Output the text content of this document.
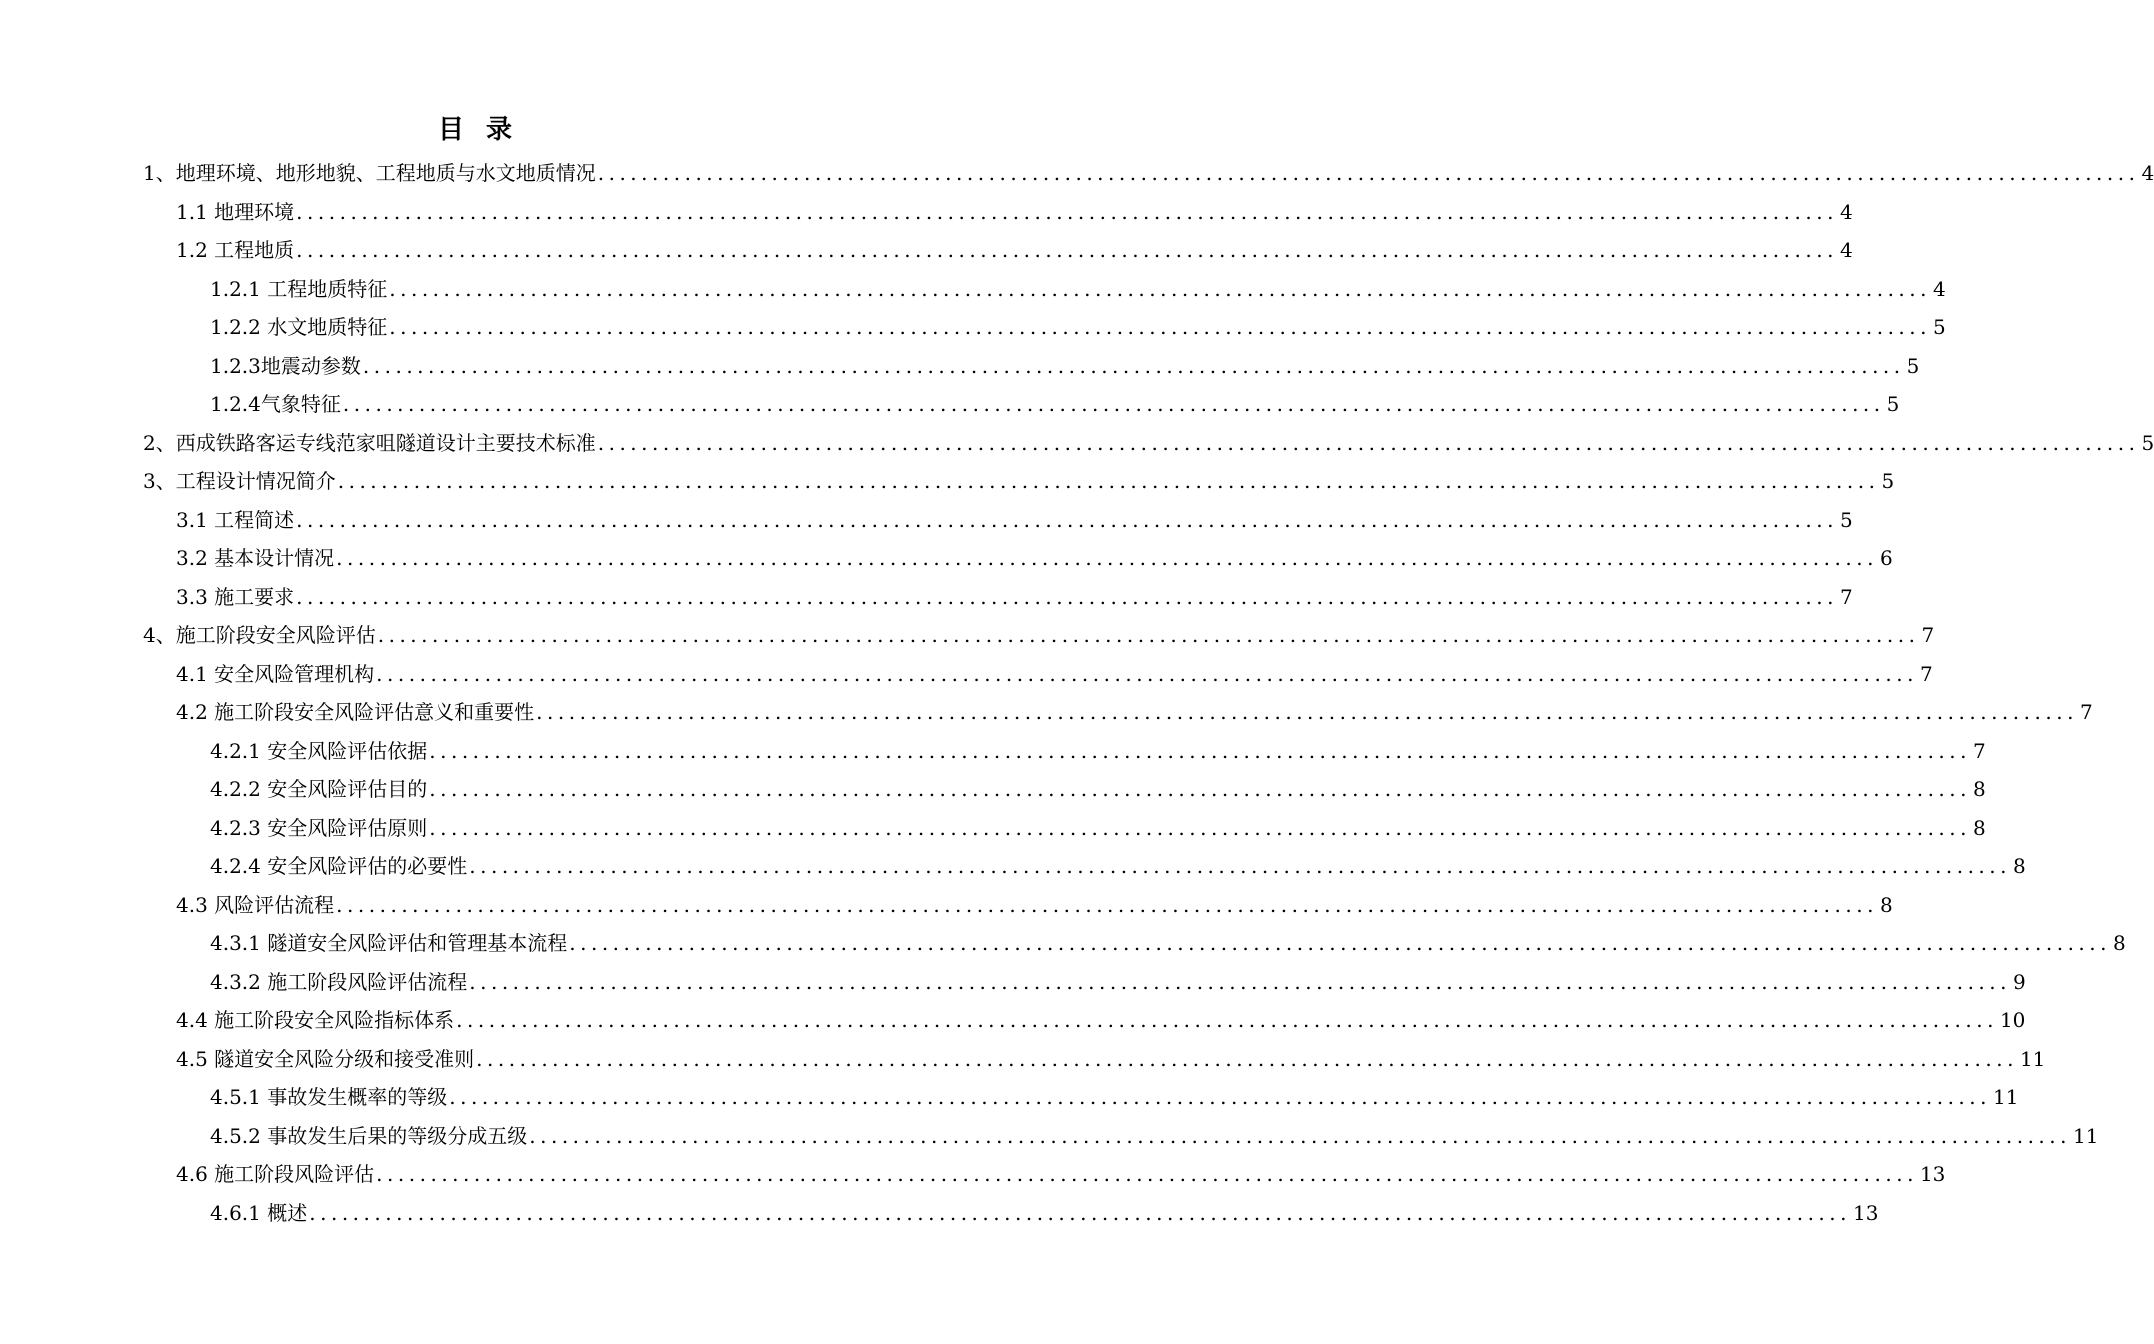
目录
1、地理环境、地形地貌、工程地质与水文地质情况 .............................................................................................................................................. 4
1.1 地理环境 .............................................................................................................................................. 4
1.2 工程地质 .............................................................................................................................................. 4
1.2.1 工程地质特征 .............................................................................................................................................. 4
1.2.2 水文地质特征 .............................................................................................................................................. 5
1.2.3地震动参数 .............................................................................................................................................. 5
1.2.4气象特征 .............................................................................................................................................. 5
2、西成铁路客运专线范家咀隧道设计主要技术标准 .............................................................................................................................................. 5
3、工程设计情况简介 .............................................................................................................................................. 5
3.1 工程简述 .............................................................................................................................................. 5
3.2 基本设计情况 .............................................................................................................................................. 6
3.3 施工要求 .............................................................................................................................................. 7
4、施工阶段安全风险评估 .............................................................................................................................................. 7
4.1 安全风险管理机构 .............................................................................................................................................. 7
4.2 施工阶段安全风险评估意义和重要性 .............................................................................................................................................. 7
4.2.1 安全风险评估依据 .............................................................................................................................................. 7
4.2.2 安全风险评估目的 .............................................................................................................................................. 8
4.2.3 安全风险评估原则 .............................................................................................................................................. 8
4.2.4 安全风险评估的必要性 .............................................................................................................................................. 8
4.3 风险评估流程 .............................................................................................................................................. 8
4.3.1 隧道安全风险评估和管理基本流程 .............................................................................................................................................. 8
4.3.2 施工阶段风险评估流程 .............................................................................................................................................. 9
4.4 施工阶段安全风险指标体系 .............................................................................................................................................. 10
4.5 隧道安全风险分级和接受准则 .............................................................................................................................................. 11
4.5.1 事故发生概率的等级 .............................................................................................................................................. 11
4.5.2 事故发生后果的等级分成五级 .............................................................................................................................................. 11
4.6 施工阶段风险评估 .............................................................................................................................................. 13
4.6.1 概述 .............................................................................................................................................. 13
